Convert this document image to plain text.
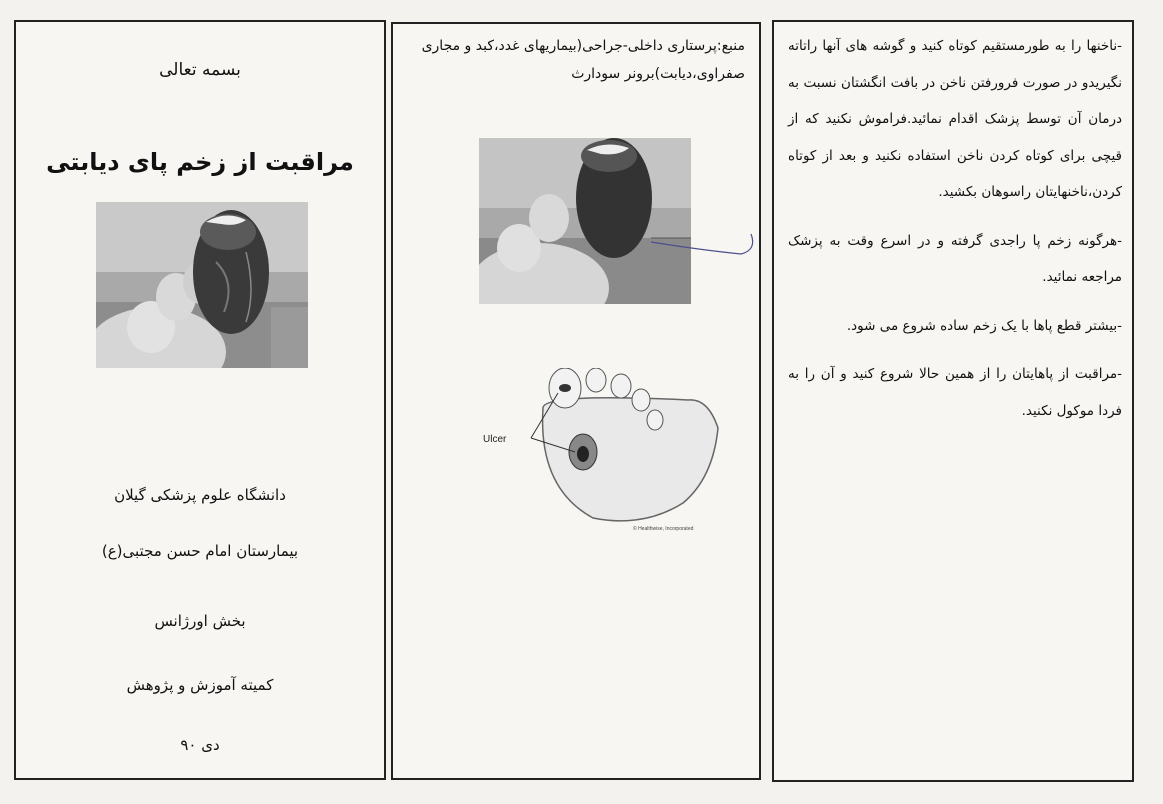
بسمه تعالی
مراقبت از زخم پای دیابتی
دانشگاه علوم پزشکی گیلان
بیمارستان امام حسن مجتبی(ع)
بخش اورژانس
کمیته آموزش و پژوهش
دی ۹۰
منبع:پرستاری داخلی-جراحی(بیماریهای غدد،کبد و مجاری صفراوی،دیابت)برونر سودارث
Ulcer
© Healthwise, Incorporated

-ناخنها را به طورمستقیم کوتاه کنید و گوشه های آنها راتاته نگیریدو در صورت فرورفتن ناخن در بافت انگشتان نسبت به درمان آن توسط پزشک اقدام نمائید.فراموش نکنید که از قیچی برای کوتاه کردن ناخن استفاده نکنید و بعد از کوتاه کردن،ناخنهایتان راسوهان بکشید.

-هرگونه زخم پا راجدی گرفته و در اسرع وقت به پزشک مراجعه نمائید.

-بیشتر قطع پاها با یک زخم ساده شروع می شود.

-مراقبت از پاهایتان را از همین حالا شروع کنید و آن را به فردا موکول نکنید.
